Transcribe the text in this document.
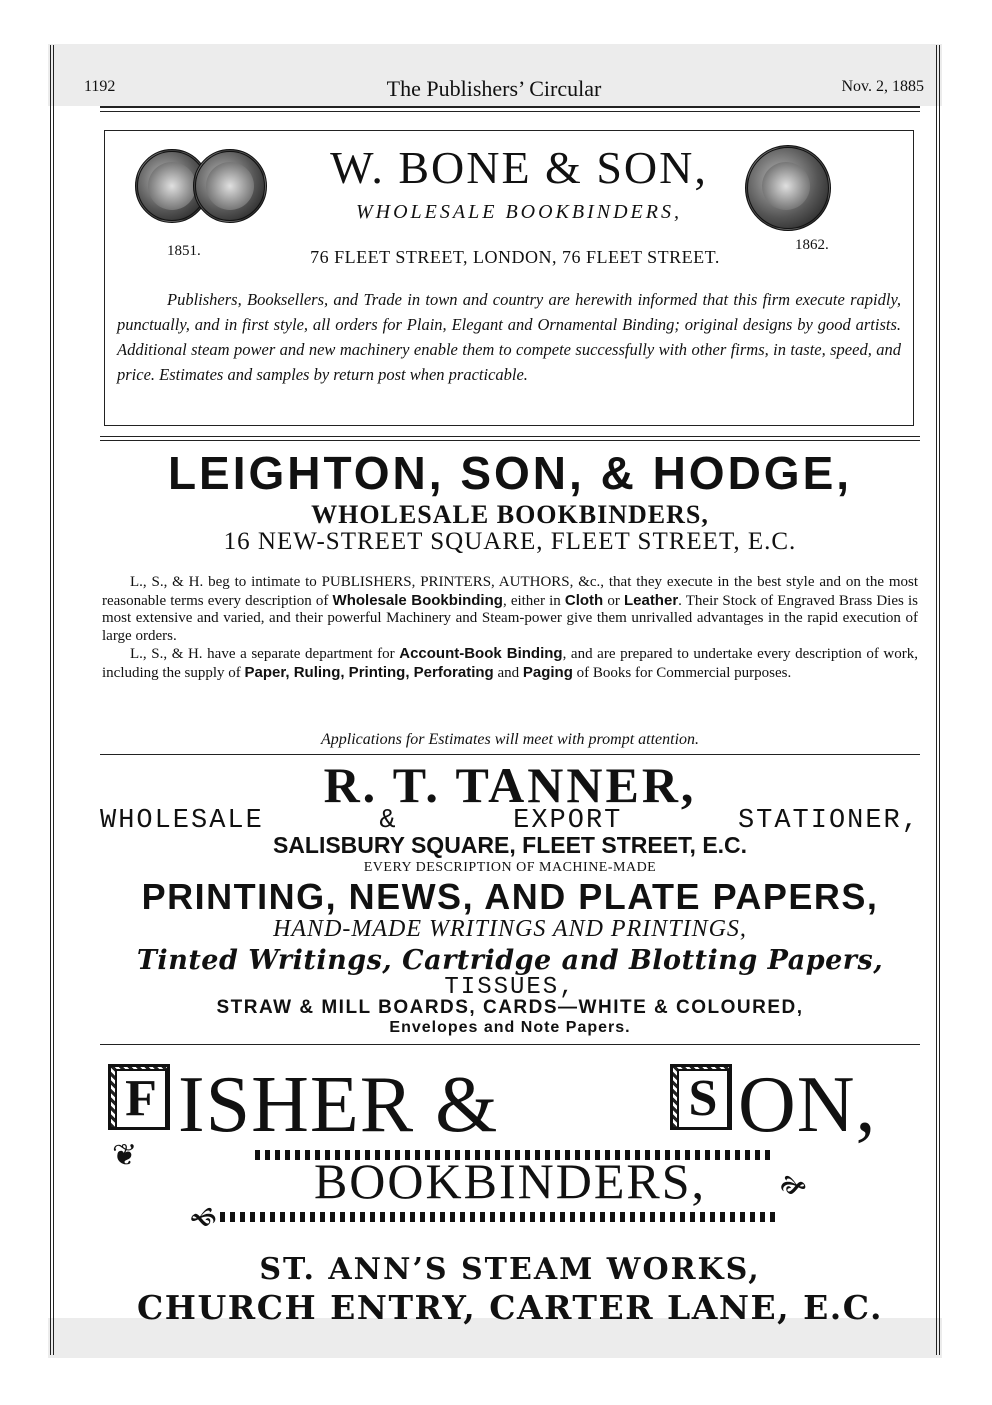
1192	The Publishers’ Circular	Nov. 2, 1885
W. BONE & SON,
WHOLESALE BOOKBINDERS,
1851.	1862.
76 FLEET STREET, LONDON, 76 FLEET STREET.
Publishers, Booksellers, and Trade in town and country are herewith informed that this firm execute rapidly, punctually, and in first style, all orders for Plain, Elegant and Ornamental Binding; original designs by good artists. Additional steam power and new machinery enable them to compete successfully with other firms, in taste, speed, and price. Estimates and samples by return post when practicable.
LEIGHTON, SON, & HODGE,
WHOLESALE BOOKBINDERS,
16 NEW-STREET SQUARE, FLEET STREET, E.C.

L., S., & H. beg to intimate to PUBLISHERS, PRINTERS, AUTHORS, &c., that they execute in the best style and on the most reasonable terms every description of Wholesale Bookbinding, either in Cloth or Leather. Their Stock of Engraved Brass Dies is most extensive and varied, and their powerful Machinery and Steam-power give them unrivalled advantages in the rapid execution of large orders.

L., S., & H. have a separate department for Account-Book Binding, and are prepared to undertake every description of work, including the supply of Paper, Ruling, Printing, Perforating and Paging of Books for Commercial purposes.

Applications for Estimates will meet with prompt attention.
R. T. TANNER,
WHOLESALE	&	EXPORT	STATIONER,
SALISBURY SQUARE, FLEET STREET, E.C.
EVERY DESCRIPTION OF MACHINE-MADE
PRINTING, NEWS, AND PLATE PAPERS,
HAND-MADE WRITINGS AND PRINTINGS,
Tinted Writings, Cartridge and Blotting Papers,
TISSUES,
STRAW & MILL BOARDS, CARDS—WHITE & COLOURED,
Envelopes and Note Papers.
F ISHER &	S ON,
❦
🙞
🙜
BOOKBINDERS,
ST. ANN’S STEAM WORKS,
CHURCH ENTRY, CARTER LANE, E.C.
